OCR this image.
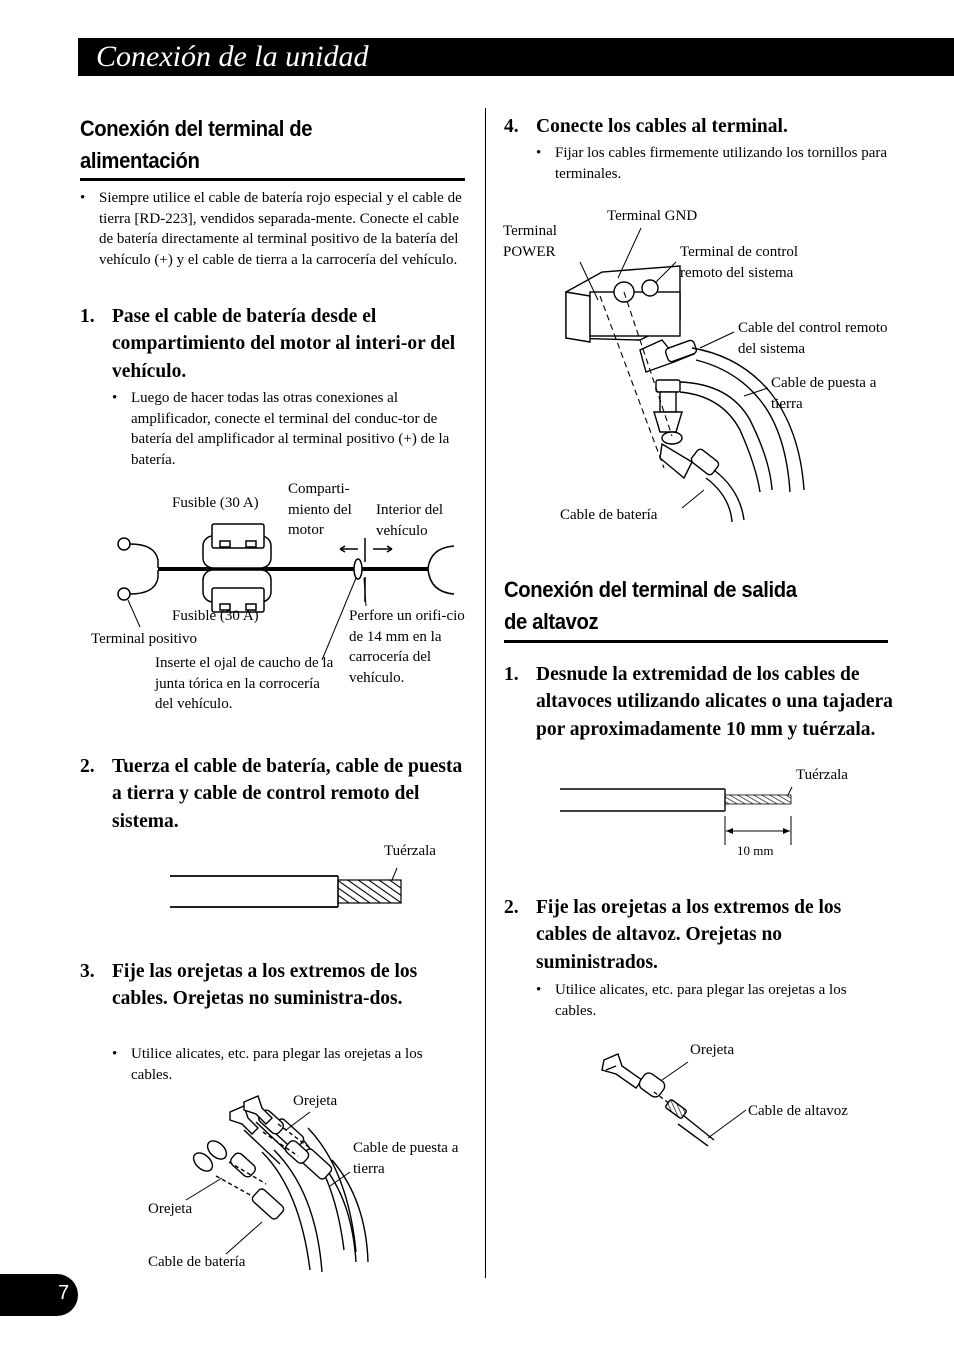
Conexión de la unidad
Conexión del terminal de
alimentación
• Siempre utilice el cable de batería rojo especial y el cable de tierra [RD-223], vendidos separada-mente. Conecte el cable de batería directamente al terminal positivo de la batería del vehículo (+) y el cable de tierra a la carrocería del vehículo.
1. Pase el cable de batería desde el compartimiento del motor al interi-or del vehículo.
• Luego de hacer todas las otras conexiones al amplificador, conecte el terminal del conduc-tor de batería del amplificador al terminal positivo (+) de la batería.
Fusible (30 A)
Comparti- miento del motor
Interior del vehículo
Fusible (30 A)
Terminal positivo
Perfore un orifi-cio de 14 mm en la carrocería del vehículo.
Inserte el ojal de caucho de la junta tórica en la corrocería del vehículo.
2. Tuerza el cable de batería, cable de puesta a tierra y cable de control remoto del sistema.
Tuérzala
3. Fije las orejetas a los extremos de los cables. Orejetas no suministra-dos.
• Utilice alicates, etc. para plegar las orejetas a los cables.
Orejeta
Cable de puesta a tierra
Orejeta
Cable de batería
4. Conecte los cables al terminal.
• Fijar los cables firmemente utilizando los tornillos para terminales.
Terminal POWER
Terminal GND
Terminal de control remoto del sistema
Cable del control remoto del sistema
Cable de puesta a tierra
Cable de batería
Conexión del terminal de salida
de altavoz
1. Desnude la extremidad de los cables de altavoces utilizando alicates o una tajadera por aproximadamente 10 mm y tuérzala.
Tuérzala
10 mm
2. Fije las orejetas a los extremos de los cables de altavoz. Orejetas no suministrados.
• Utilice alicates, etc. para plegar las orejetas a los cables.
Orejeta
Cable de altavoz
7
